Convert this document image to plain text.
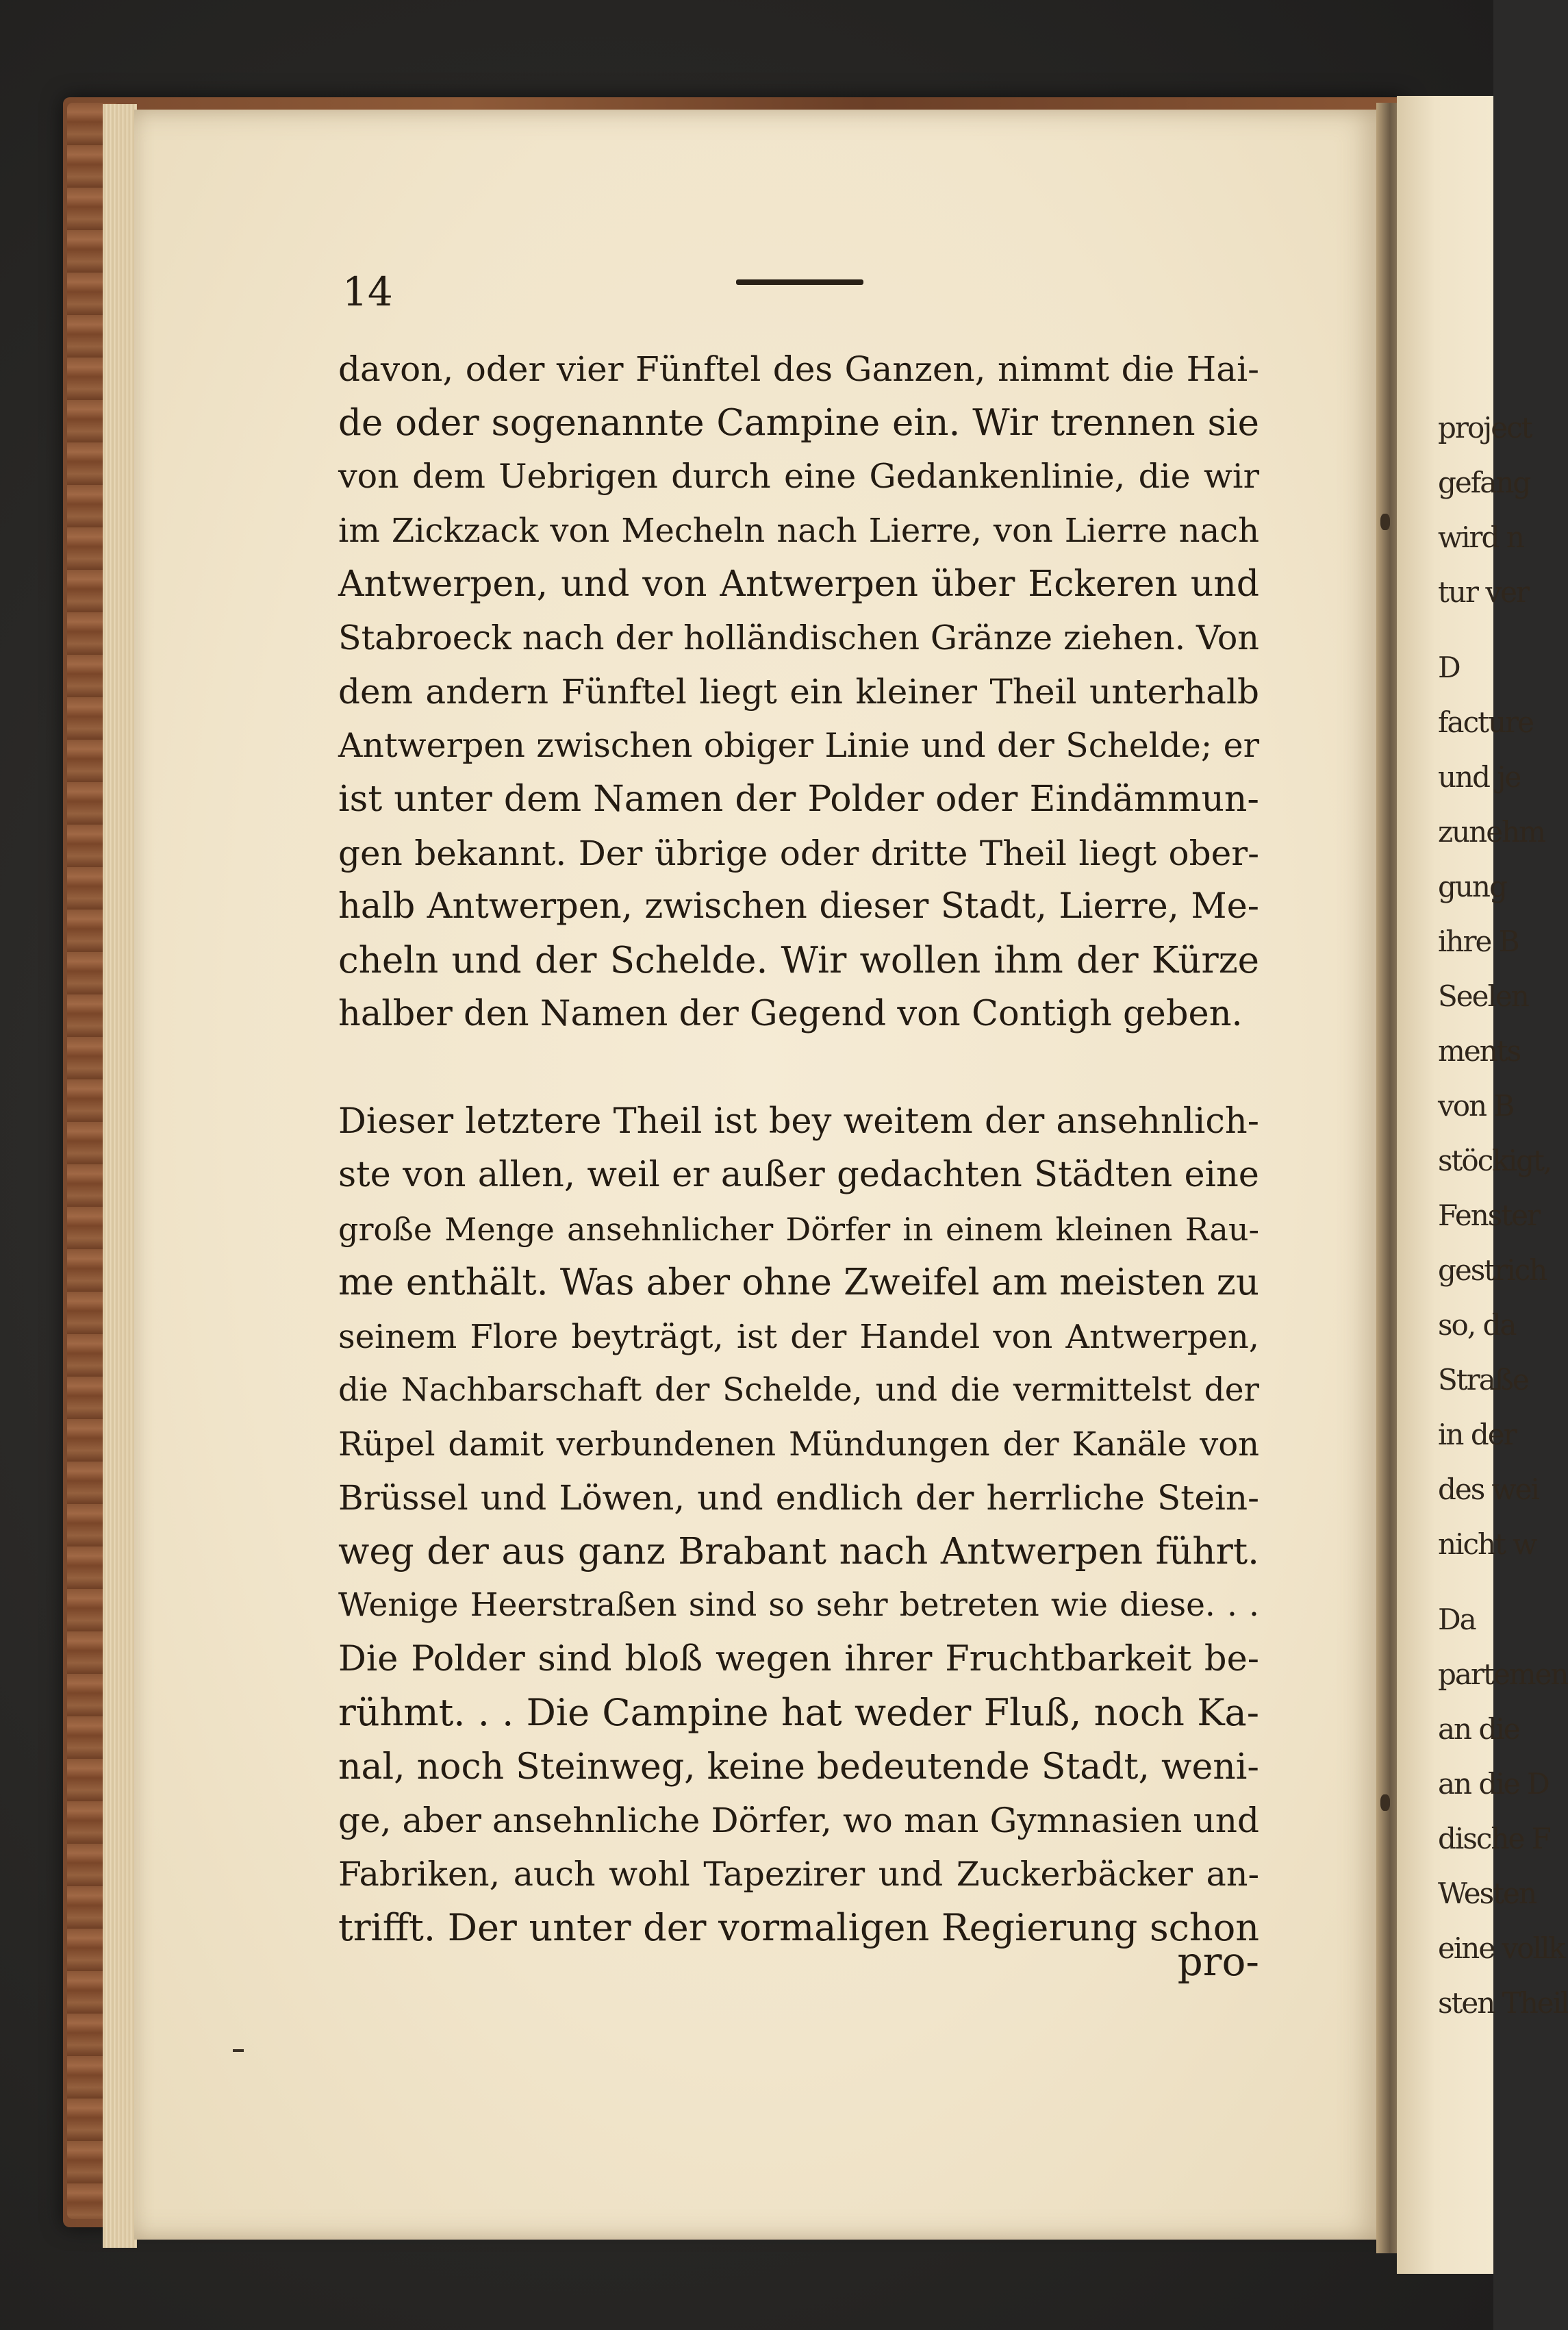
project
gefang
wird n
tur ver
D
facture
und je
zunehm
gung
ihre B
Seelen
ments
von B
stöckigt,
Fenster
gestrich
so, da
Straße
in der
des wei
nicht w
Da
partemen
an die
an die D
dische F
Westen
eine vollk
sten Theil
14
davon, oder vier Fünftel des Ganzen, nimmt die Hai-
de oder sogenannte Campine ein. Wir trennen sie
von dem Uebrigen durch eine Gedankenlinie, die wir
im Zickzack von Mecheln nach Lierre, von Lierre nach
Antwerpen, und von Antwerpen über Eckeren und
Stabroeck nach der holländischen Gränze ziehen. Von
dem andern Fünftel liegt ein kleiner Theil unterhalb
Antwerpen zwischen obiger Linie und der Schelde; er
ist unter dem Namen der Polder oder Eindämmun-
gen bekannt. Der übrige oder dritte Theil liegt ober-
halb Antwerpen, zwischen dieser Stadt, Lierre, Me-
cheln und der Schelde. Wir wollen ihm der Kürze
halber den Namen der Gegend von Contigh geben.
Dieser letztere Theil ist bey weitem der ansehnlich-
ste von allen, weil er außer gedachten Städten eine
große Menge ansehnlicher Dörfer in einem kleinen Rau-
me enthält. Was aber ohne Zweifel am meisten zu
seinem Flore beyträgt, ist der Handel von Antwerpen,
die Nachbarschaft der Schelde, und die vermittelst der
Rüpel damit verbundenen Mündungen der Kanäle von
Brüssel und Löwen, und endlich der herrliche Stein-
weg der aus ganz Brabant nach Antwerpen führt.
Wenige Heerstraßen sind so sehr betreten wie diese. . .
Die Polder sind bloß wegen ihrer Fruchtbarkeit be-
rühmt. . . Die Campine hat weder Fluß, noch Ka-
nal, noch Steinweg, keine bedeutende Stadt, weni-
ge, aber ansehnliche Dörfer, wo man Gymnasien und
Fabriken, auch wohl Tapezirer und Zuckerbäcker an-
trifft. Der unter der vormaligen Regierung schon
pro-
